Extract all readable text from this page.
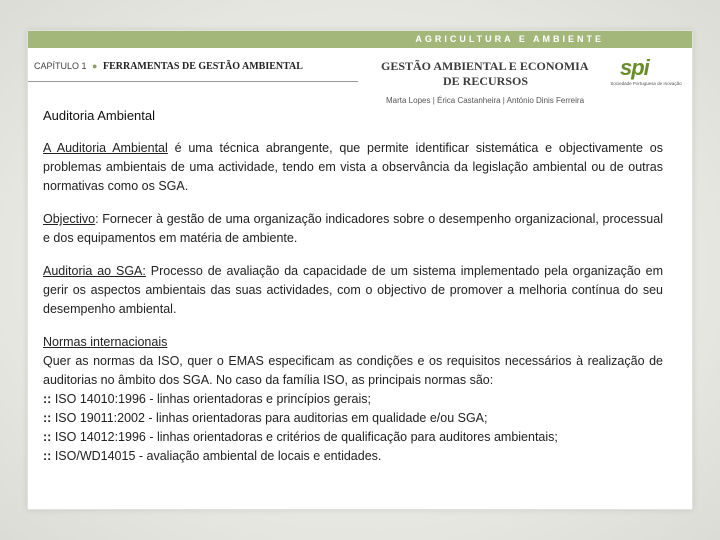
AGRICULTURA E AMBIENTE
CAPÍTULO 1 ● FERRAMENTAS DE GESTÃO AMBIENTAL	GESTÃO AMBIENTAL E ECONOMIA
DE RECURSOS
spi
Sociedade Portuguesa de Inovação
Marta Lopes | Érica Castanheira | António Dinis Ferreira
Auditoria Ambiental

A Auditoria Ambiental é uma técnica abrangente, que permite identificar sistemática e objectivamente os problemas ambientais de uma actividade, tendo em vista a observância da legislação ambiental ou de outras normativas como os SGA.

Objectivo: Fornecer à gestão de uma organização indicadores sobre o desempenho organizacional, processual e dos equipamentos em matéria de ambiente.

Auditoria ao SGA: Processo de avaliação da capacidade de um sistema implementado pela organização em gerir os aspectos ambientais das suas actividades, com o objectivo de promover a melhoria contínua do seu desempenho ambiental.

Normas internacionais
Quer as normas da ISO, quer o EMAS especificam as condições e os requisitos necessários à realização de auditorias no âmbito dos SGA. No caso da família ISO, as principais normas são:
:: ISO 14010:1996 - linhas orientadoras e princípios gerais;
:: ISO 19011:2002 - linhas orientadoras para auditorias em qualidade e/ou SGA;
:: ISO 14012:1996 - linhas orientadoras e critérios de qualificação para auditores ambientais;
:: ISO/WD14015 - avaliação ambiental de locais e entidades.
